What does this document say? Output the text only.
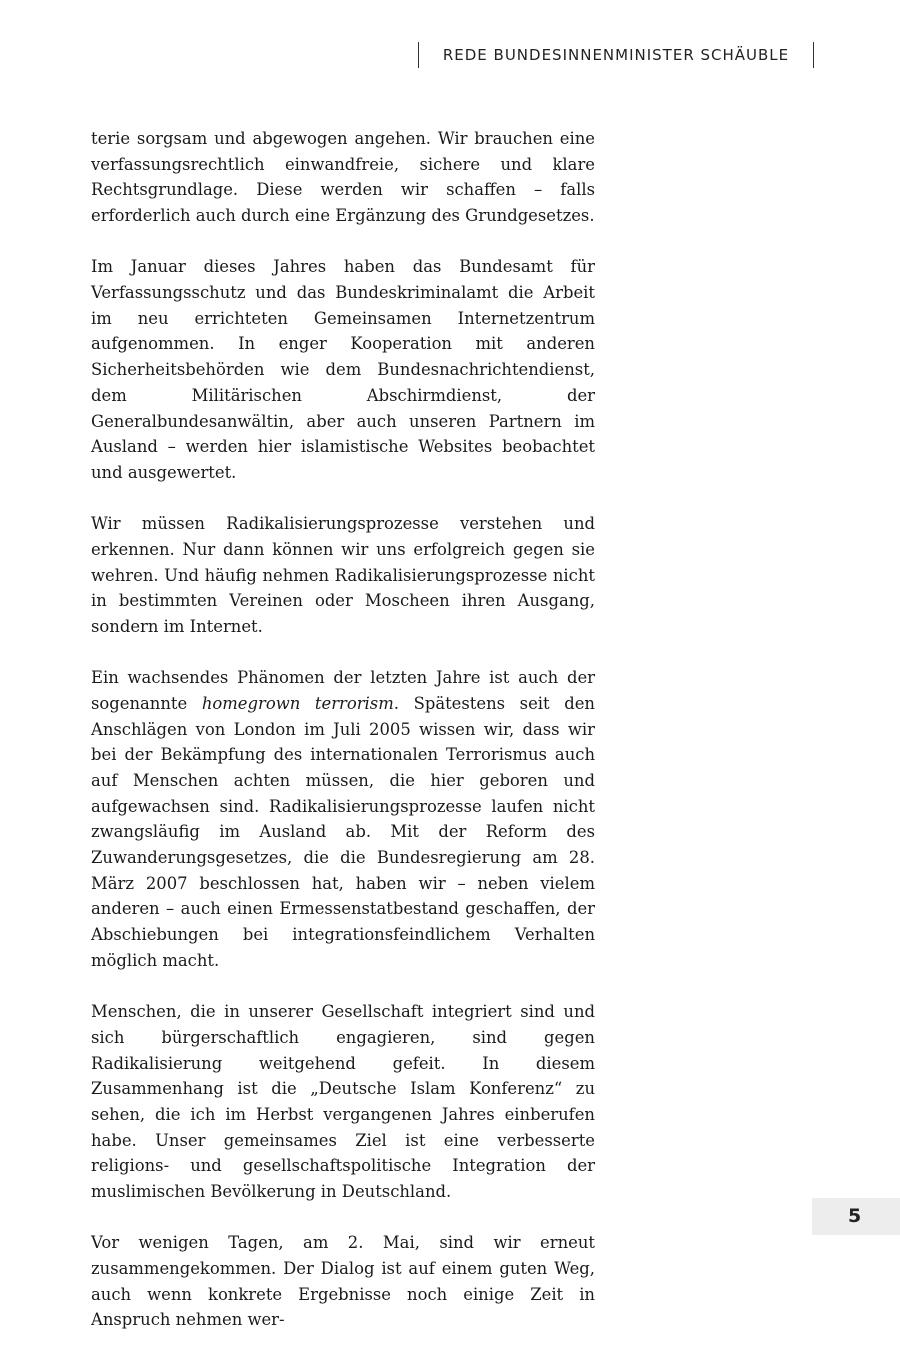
REDE BUNDESINNENMINISTER SCHÄUBLE

terie sorgsam und abgewogen angehen. Wir brauchen eine verfassungsrechtlich einwandfreie, sichere und klare Rechtsgrundlage. Diese werden wir schaffen – falls erforderlich auch durch eine Ergänzung des Grundgesetzes.

Im Januar dieses Jahres haben das Bundesamt für Verfassungsschutz und das Bundeskriminalamt die Arbeit im neu errichteten Gemeinsamen Internetzentrum aufgenommen. In enger Kooperation mit anderen Sicherheitsbehörden wie dem Bundesnachrichtendienst, dem Militärischen Abschirmdienst, der Generalbundesanwältin, aber auch unseren Partnern im Ausland – werden hier islamistische Websites beobachtet und ausgewertet.

Wir müssen Radikalisierungsprozesse verstehen und erkennen. Nur dann können wir uns erfolgreich gegen sie wehren. Und häufig nehmen Radikalisierungsprozesse nicht in bestimmten Vereinen oder Moscheen ihren Ausgang, sondern im Internet.

Ein wachsendes Phänomen der letzten Jahre ist auch der sogenannte homegrown terrorism. Spätestens seit den Anschlägen von London im Juli 2005 wissen wir, dass wir bei der Bekämpfung des internationalen Terrorismus auch auf Menschen achten müssen, die hier geboren und aufgewachsen sind. Radikalisierungsprozesse laufen nicht zwangsläufig im Ausland ab. Mit der Reform des Zuwanderungsgesetzes, die die Bundesregierung am 28. März 2007 beschlossen hat, haben wir – neben vielem anderen – auch einen Ermessenstatbestand geschaffen, der Abschiebungen bei integrationsfeindlichem Verhalten möglich macht.

Menschen, die in unserer Gesellschaft integriert sind und sich bürgerschaftlich engagieren, sind gegen Radikalisierung weitgehend gefeit. In diesem Zusammenhang ist die „Deutsche Islam Konferenz“ zu sehen, die ich im Herbst vergangenen Jahres einberufen habe. Unser gemeinsames Ziel ist eine verbesserte religions- und gesellschaftspolitische Integration der muslimischen Bevölkerung in Deutschland.

Vor wenigen Tagen, am 2. Mai, sind wir erneut zusammengekommen. Der Dialog ist auf einem guten Weg, auch wenn konkrete Ergebnisse noch einige Zeit in Anspruch nehmen wer-

5
